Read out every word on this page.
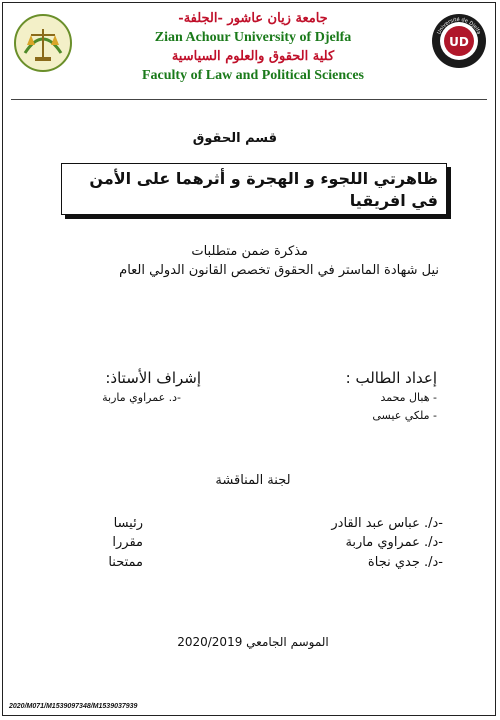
UD
Université de Djelfa
جامعة زيان عاشور -الجلفة-
Zian Achour University of Djelfa
كلية الحقوق والعلوم السياسية
Faculty of Law and Political Sciences
قسم الحقوق
ظاهرتي اللجوء و الهجرة و أثرهما على الأمن في افريقيا
مذكرة ضمن متطلبات
نيل شهادة الماستر في الحقوق تخصص القانون الدولي العام
إعداد الطالب :
- هبال محمد
- ملكي عيسى
إشراف الأستاذ:
-د. عمراوي ماربة
لجنة المناقشة
-د/. عباس عبد القادر
رئيسا
-د/. عمراوي ماربة
مقررا
-د/. جدي نجاة
ممتحنا
الموسم الجامعي 2020/2019
2020/M071/M1539097348/M1539037939
